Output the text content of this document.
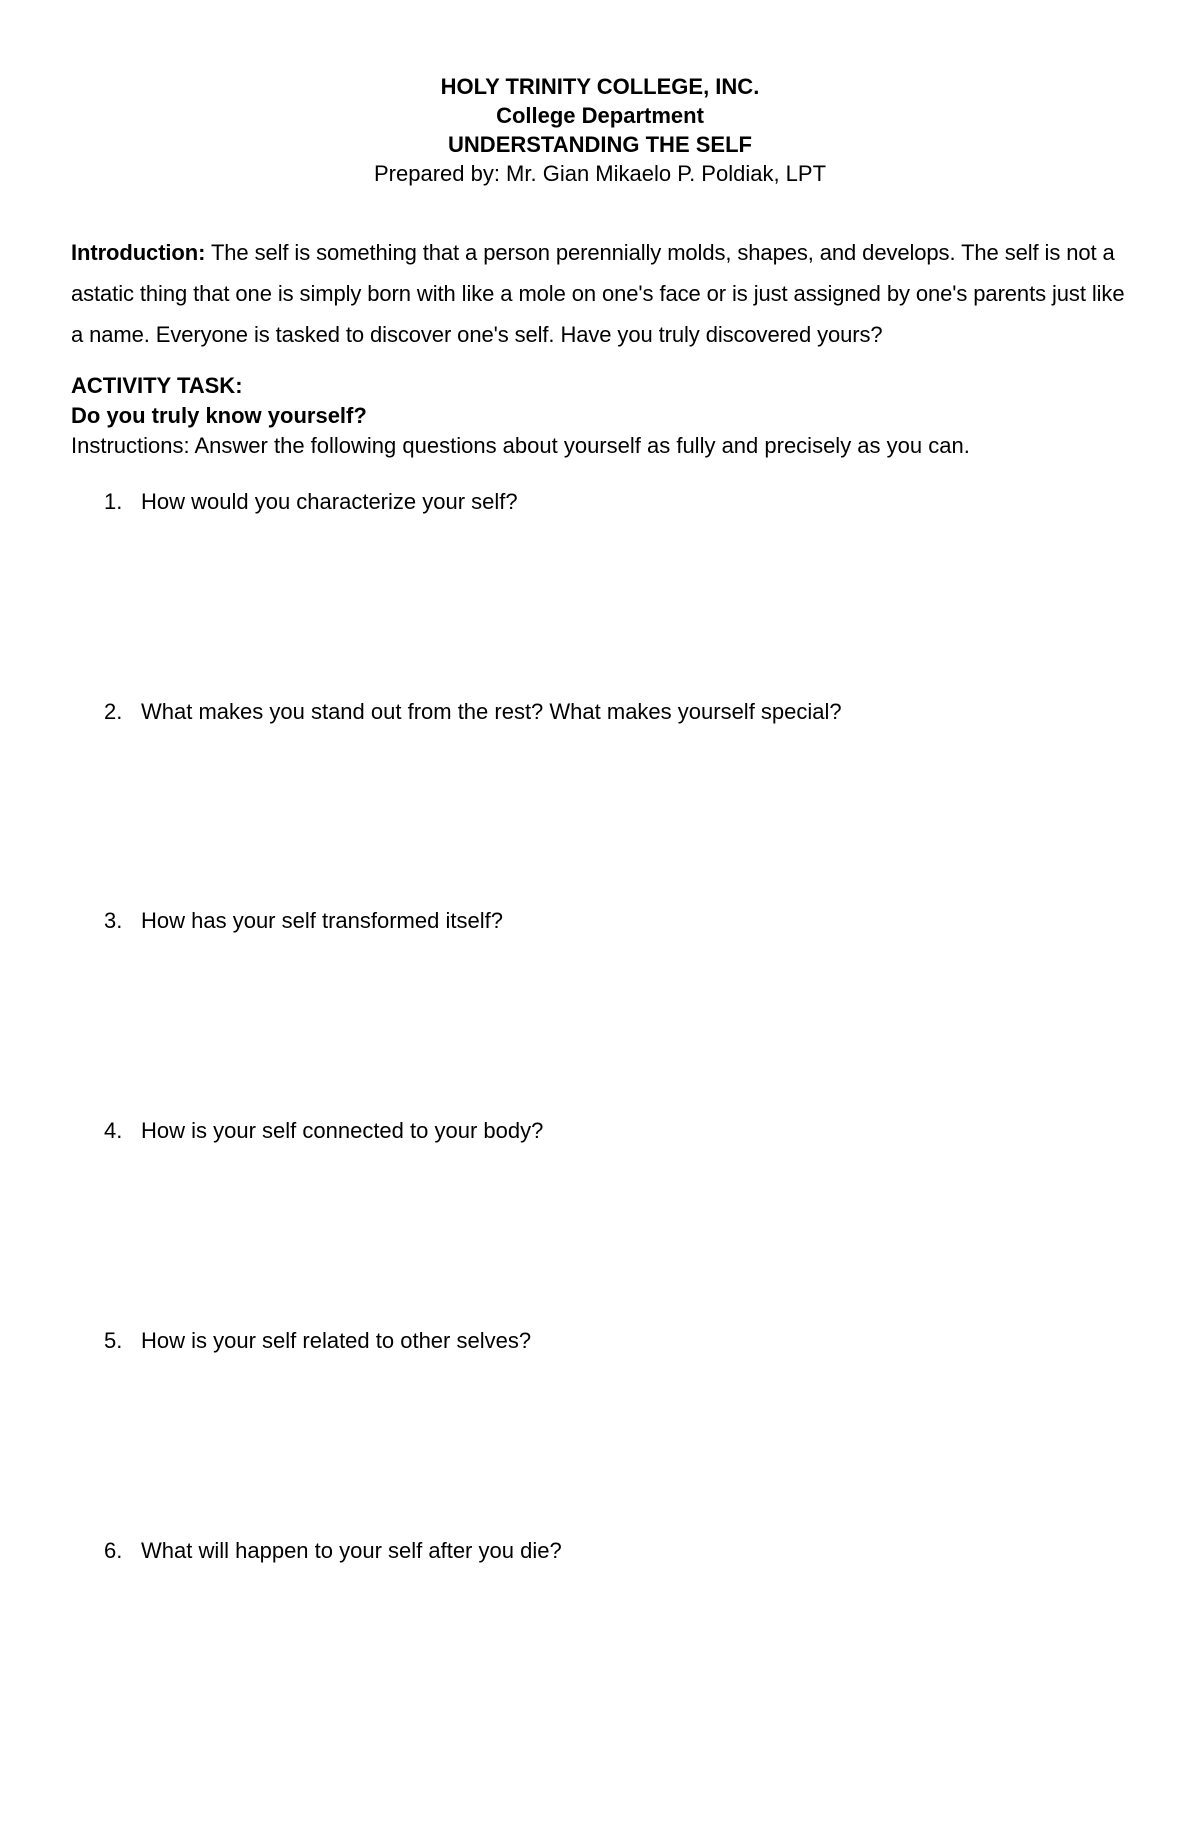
HOLY TRINITY COLLEGE, INC.
College Department
UNDERSTANDING THE SELF
Prepared by: Mr. Gian Mikaelo P. Poldiak, LPT
Introduction: The self is something that a person perennially molds, shapes, and develops. The self is not a astatic thing that one is simply born with like a mole on one's face or is just assigned by one's parents just like a name. Everyone is tasked to discover one's self. Have you truly discovered yours?
ACTIVITY TASK:
Do you truly know yourself?
Instructions: Answer the following questions about yourself as fully and precisely as you can.
1. How would you characterize your self?
2. What makes you stand out from the rest? What makes yourself special?
3. How has your self transformed itself?
4. How is your self connected to your body?
5. How is your self related to other selves?
6. What will happen to your self after you die?
